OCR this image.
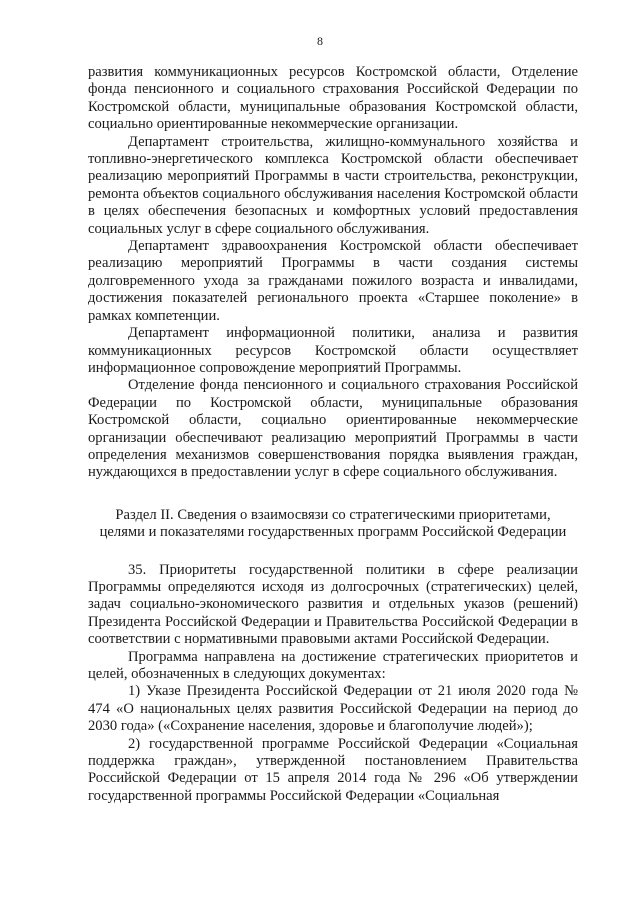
8

развития коммуникационных ресурсов Костромской области, Отделение фонда пенсионного и социального страхования Российской Федерации по Костромской области, муниципальные образования Костромской области, социально ориентированные некоммерческие организации.

Департамент строительства, жилищно-коммунального хозяйства и топливно-энергетического комплекса Костромской области обеспечивает реализацию мероприятий Программы в части строительства, реконструкции, ремонта объектов социального обслуживания населения Костромской области в целях обеспечения безопасных и комфортных условий предоставления социальных услуг в сфере социального обслуживания.

Департамент здравоохранения Костромской области обеспечивает реализацию мероприятий Программы в части создания системы долговременного ухода за гражданами пожилого возраста и инвалидами, достижения показателей регионального проекта «Старшее поколение» в рамках компетенции.

Департамент информационной политики, анализа и развития коммуникационных ресурсов Костромской области осуществляет информационное сопровождение мероприятий Программы.

Отделение фонда пенсионного и социального страхования Российской Федерации по Костромской области, муниципальные образования Костромской области, социально ориентированные некоммерческие организации обеспечивают реализацию мероприятий Программы в части определения механизмов совершенствования порядка выявления граждан, нуждающихся в предоставлении услуг в сфере социального обслуживания.

Раздел II. Сведения о взаимосвязи со стратегическими приоритетами,
целями и показателями государственных программ Российской Федерации

35. Приоритеты государственной политики в сфере реализации Программы определяются исходя из долгосрочных (стратегических) целей, задач социально-экономического развития и отдельных указов (решений) Президента Российской Федерации и Правительства Российской Федерации в соответствии с нормативными правовыми актами Российской Федерации.

Программа направлена на достижение стратегических приоритетов и целей, обозначенных в следующих документах:

1) Указе Президента Российской Федерации от 21 июля 2020 года № 474 «О национальных целях развития Российской Федерации на период до 2030 года» («Сохранение населения, здоровье и благополучие людей»);

2) государственной программе Российской Федерации «Социальная поддержка граждан», утвержденной постановлением Правительства Российской Федерации от 15 апреля 2014 года № 296 «Об утверждении государственной программы Российской Федерации «Социальная
